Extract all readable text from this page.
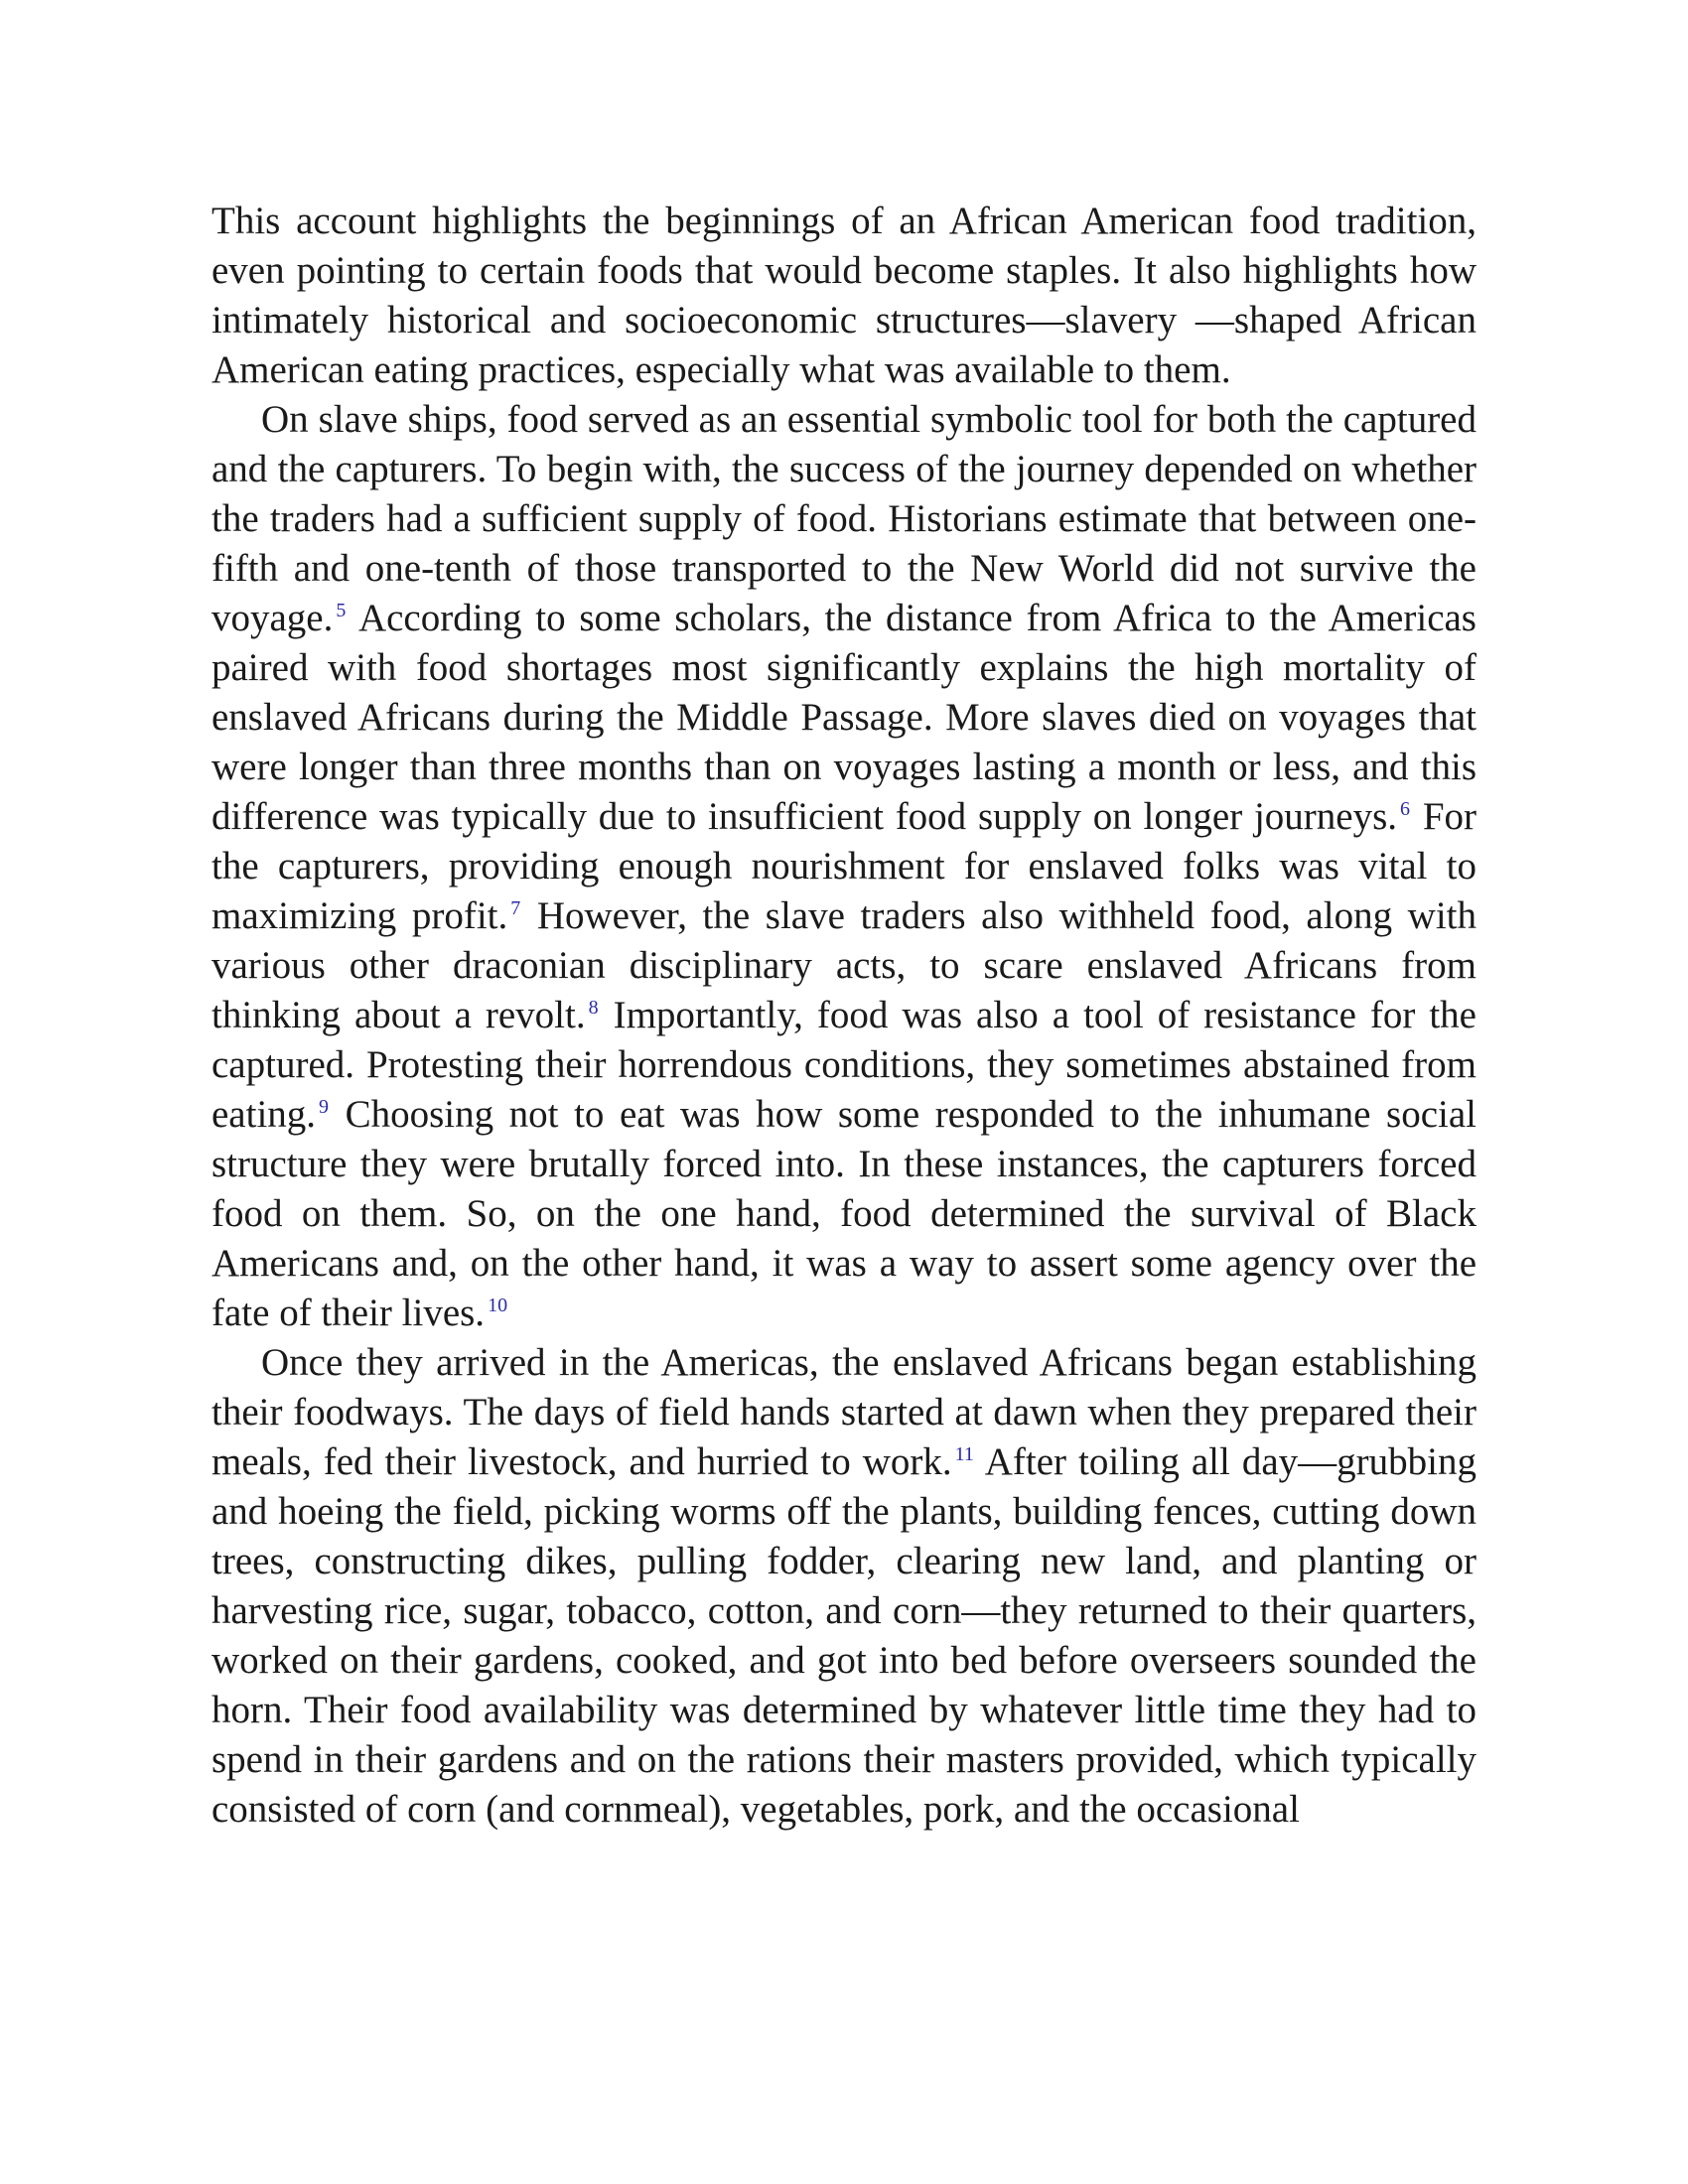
This account highlights the beginnings of an African American food tradition, even pointing to certain foods that would become staples. It also highlights how intimately historical and socioeconomic structures—slavery —shaped African American eating practices, especially what was available to them.

On slave ships, food served as an essential symbolic tool for both the captured and the capturers. To begin with, the success of the journey depended on whether the traders had a sufficient supply of food. Historians estimate that between one-fifth and one-tenth of those transported to the New World did not survive the voyage. $^5$ According to some scholars, the distance from Africa to the Americas paired with food shortages most significantly explains the high mortality of enslaved Africans during the Middle Passage. More slaves died on voyages that were longer than three months than on voyages lasting a month or less, and this difference was typically due to insufficient food supply on longer journeys. $^6$ For the capturers, providing enough nourishment for enslaved folks was vital to maximizing profit. $^7$ However, the slave traders also withheld food, along with various other draconian disciplinary acts, to scare enslaved Africans from thinking about a revolt. $^8$ Importantly, food was also a tool of resistance for the captured. Protesting their horrendous conditions, they sometimes abstained from eating. $^9$ Choosing not to eat was how some responded to the inhumane social structure they were brutally forced into. In these instances, the capturers forced food on them. So, on the one hand, food determined the survival of Black Americans and, on the other hand, it was a way to assert some agency over the fate of their lives. $^{10}$

Once they arrived in the Americas, the enslaved Africans began establishing their foodways. The days of field hands started at dawn when they prepared their meals, fed their livestock, and hurried to work. $^{11}$ After toiling all day—grubbing and hoeing the field, picking worms off the plants, building fences, cutting down trees, constructing dikes, pulling fodder, clearing new land, and planting or harvesting rice, sugar, tobacco, cotton, and corn—they returned to their quarters, worked on their gardens, cooked, and got into bed before overseers sounded the horn. Their food availability was determined by whatever little time they had to spend in their gardens and on the rations their masters provided, which typically consisted of corn (and cornmeal), vegetables, pork, and the occasional
